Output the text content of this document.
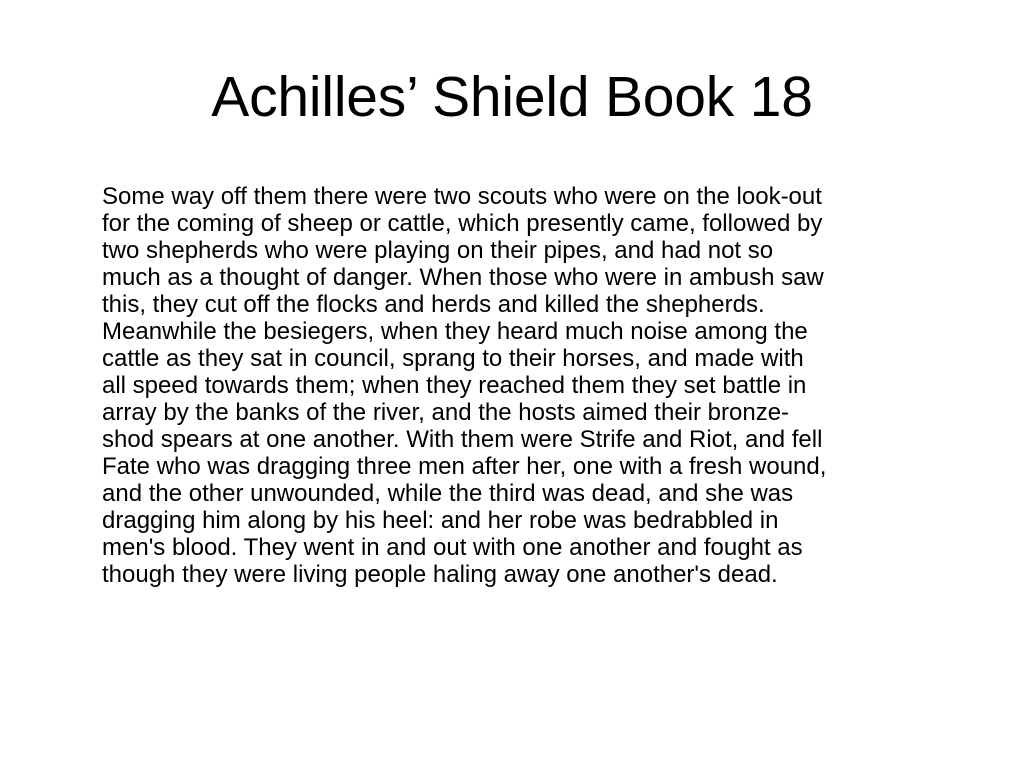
Achilles’ Shield Book 18

Some way off them there were two scouts who were on the look-out
for the coming of sheep or cattle, which presently came, followed by
two shepherds who were playing on their pipes, and had not so
much as a thought of danger. When those who were in ambush saw
this, they cut off the flocks and herds and killed the shepherds.
Meanwhile the besiegers, when they heard much noise among the
cattle as they sat in council, sprang to their horses, and made with
all speed towards them; when they reached them they set battle in
array by the banks of the river, and the hosts aimed their bronze-
shod spears at one another. With them were Strife and Riot, and fell
Fate who was dragging three men after her, one with a fresh wound,
and the other unwounded, while the third was dead, and she was
dragging him along by his heel: and her robe was bedrabbled in
men's blood. They went in and out with one another and fought as
though they were living people haling away one another's dead.
